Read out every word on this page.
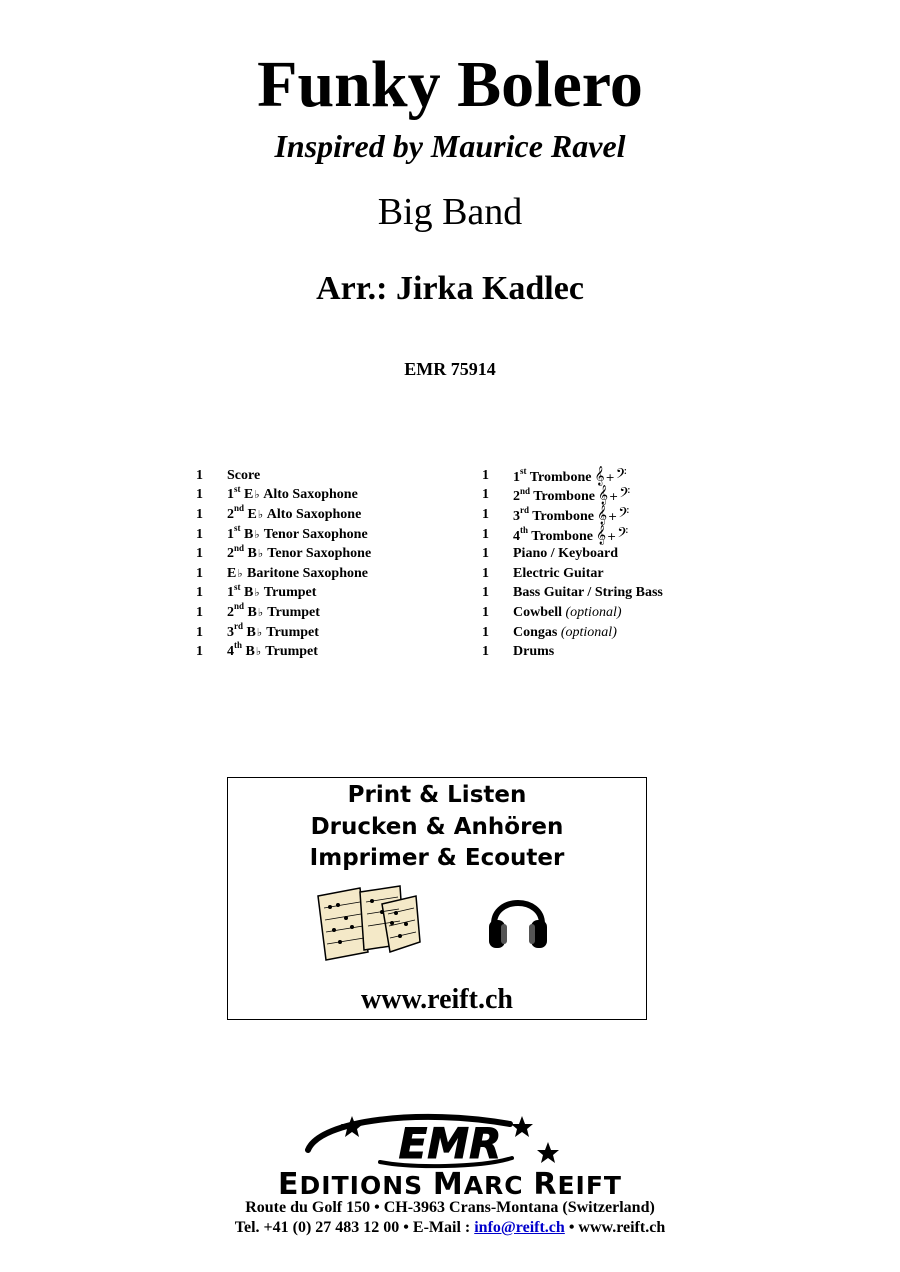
Funky Bolero
Inspired by Maurice Ravel
Big Band
Arr.: Jirka Kadlec
EMR 75914
1	Score
1	1st E♭ Alto Saxophone
1	2nd E♭ Alto Saxophone
1	1st B♭ Tenor Saxophone
1	2nd B♭ Tenor Saxophone
1	E♭ Baritone Saxophone
1	1st B♭ Trumpet
1	2nd B♭ Trumpet
1	3rd B♭ Trumpet
1	4th B♭ Trumpet
1	1st Trombone 𝄞 + 𝄢
1	2nd Trombone 𝄞 + 𝄢
1	3rd Trombone 𝄞 + 𝄢
1	4th Trombone 𝄞 + 𝄢
1	Piano / Keyboard
1	Electric Guitar
1	Bass Guitar / String Bass
1	Cowbell (optional)
1	Congas (optional)
1	Drums
Print & Listen
Drucken & Anhören
Imprimer & Ecouter
www.reift.ch
EMR
EDITIONS MARC REIFT
Route du Golf 150 • CH-3963 Crans-Montana (Switzerland)
Tel. +41 (0) 27 483 12 00 • E-Mail : info@reift.ch • www.reift.ch
